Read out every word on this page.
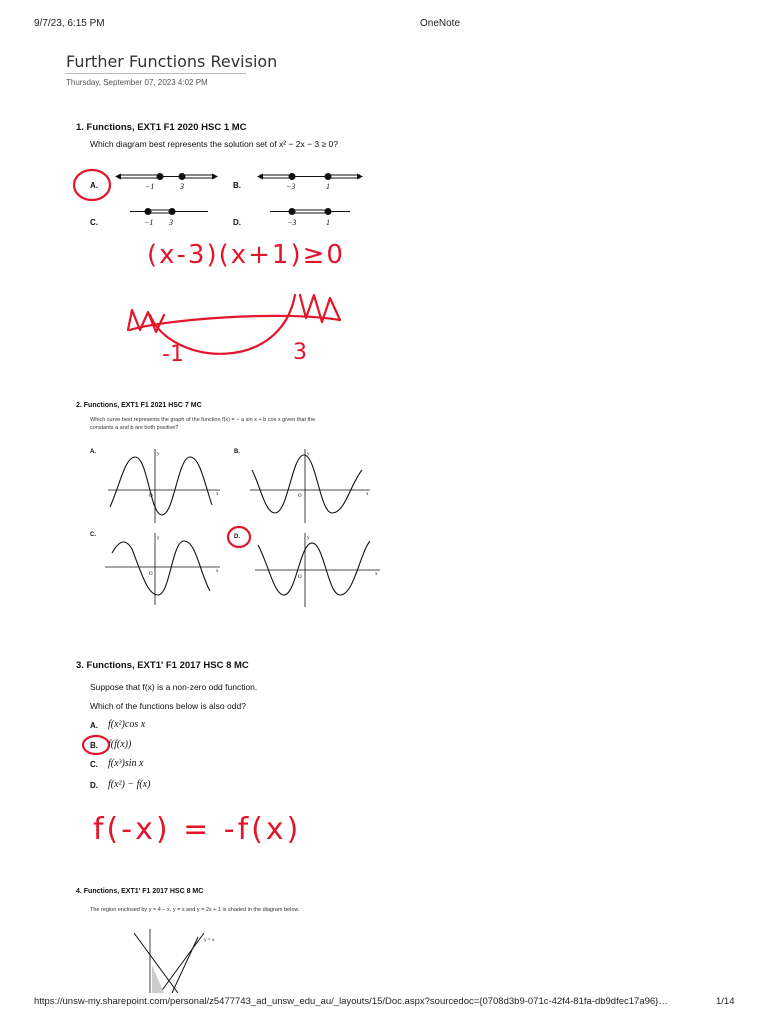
9/7/23, 6:15 PM	OneNote
Further Functions Revision
Thursday, September 07, 2023 4:02 PM
1. Functions, EXT1 F1 2020 HSC 1 MC
Which diagram best represents the solution set of x² − 2x − 3 ≥ 0?
A.	−1	3	B.	−3	1
C.	−1 3	D.	−3	1
(x-3)(x+1)≥0
-1	3
2. Functions, EXT1 F1 2021 HSC 7 MC
Which curve best represents the graph of the function f(x) = − a sin x + b cos x given that the
constants a and b are both positive?
A.	B.
C.	D.
y
x
O
y
x
O
y
x
O
y
x
O
3. Functions, EXT1' F1 2017 HSC 8 MC
Suppose that f(x) is a non-zero odd function.
Which of the functions below is also odd?
A. f(x²)cos x
B. f(f(x))
C. f(x³)sin x
D. f(x²) − f(x)
f(-x) = -f(x)
4. Functions, EXT1' F1 2017 HSC 8 MC
The region enclosed by y = 4 − x, y = x and y = 2x + 1 is shaded in the diagram below.
y = x
https://unsw-my.sharepoint.com/personal/z5477743_ad_unsw_edu_au/_layouts/15/Doc.aspx?sourcedoc={0708d3b9-071c-42f4-81fa-db9dfec17a96}…	1/14
